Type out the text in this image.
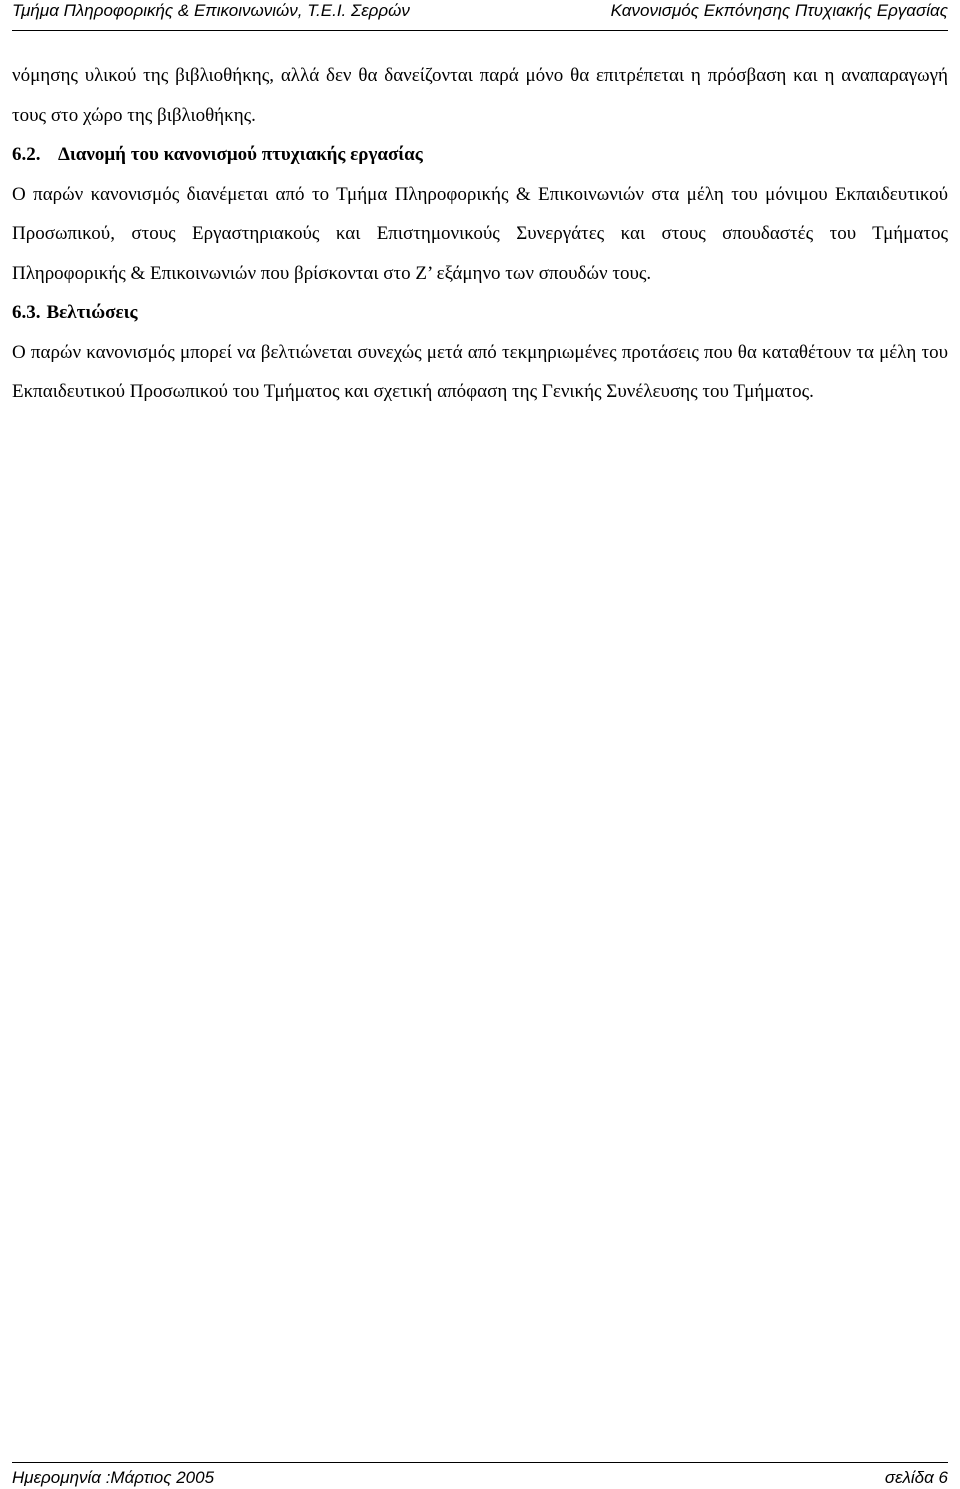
Τμήμα Πληροφορικής & Επικοινωνιών, Τ.Ε.Ι. Σερρών	Κανονισμός Εκπόνησης Πτυχιακής Εργασίας

νόμησης υλικού της βιβλιοθήκης, αλλά δεν θα δανείζονται παρά μόνο θα επιτρέπεται η πρόσβαση και η αναπαραγωγή τους στο χώρο της βιβλιοθήκης.

6.2. Διανομή του κανονισμού πτυχιακής εργασίας

Ο παρών κανονισμός διανέμεται από το Τμήμα Πληροφορικής & Επικοινωνιών στα μέλη του μόνιμου Εκπαιδευτικού Προσωπικού, στους Εργαστηριακούς και Επιστημονικούς Συνεργάτες και στους σπουδαστές του Τμήματος Πληροφορικής & Επικοινωνιών που βρίσκονται στο Ζ’ εξάμηνο των σπουδών τους.

6.3. Βελτιώσεις

Ο παρών κανονισμός μπορεί να βελτιώνεται συνεχώς μετά από τεκμηριωμένες προτάσεις που θα καταθέτουν τα μέλη του Εκπαιδευτικού Προσωπικού του Τμήματος και σχετική απόφαση της Γενικής Συνέλευσης του Τμήματος.

Ημερομηνία :Μάρτιος 2005	σελίδα 6
